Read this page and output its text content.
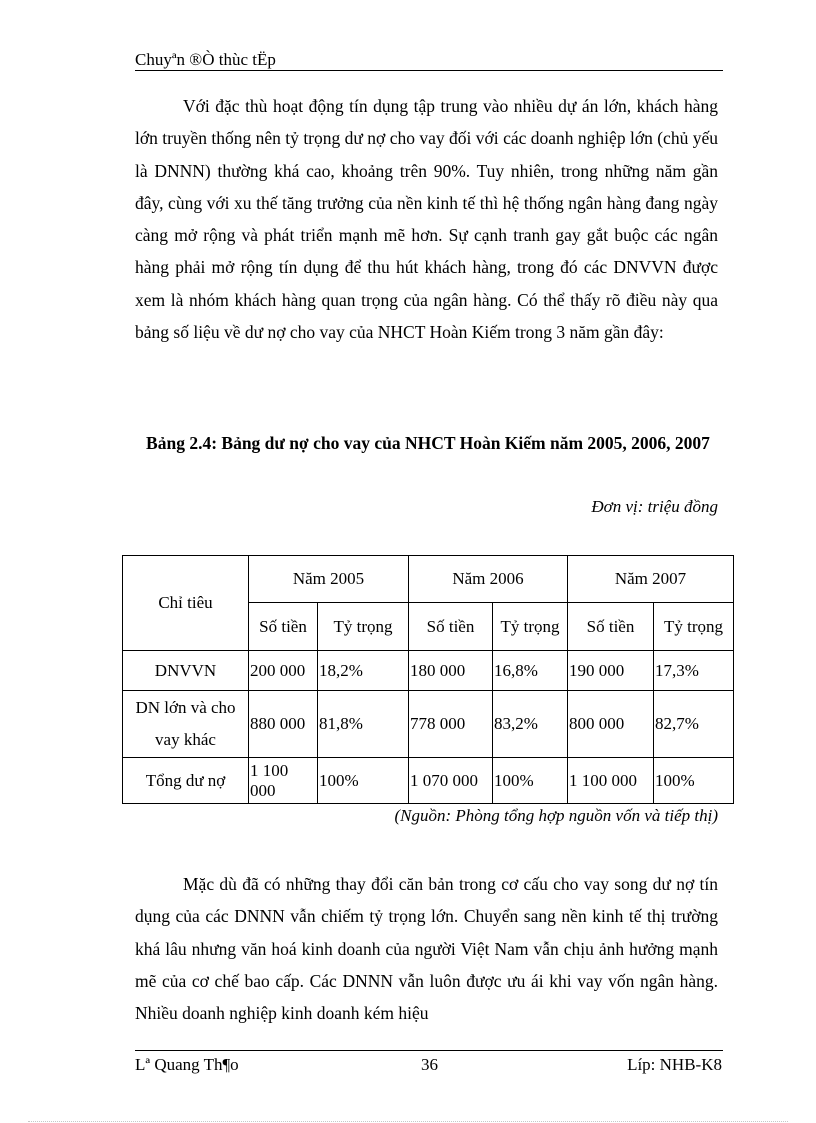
Chuyªn ®Ò thùc tËp
Với đặc thù hoạt động tín dụng tập trung vào nhiều dự án lớn, khách hàng lớn truyền thống nên tỷ trọng dư nợ cho vay đối với các doanh nghiệp lớn (chủ yếu là DNNN) thường khá cao, khoảng trên 90%. Tuy nhiên, trong những năm gần đây, cùng với xu thế tăng trưởng của nền kinh tế thì hệ thống ngân hàng đang ngày càng mở rộng và phát triển mạnh mẽ hơn. Sự cạnh tranh gay gắt buộc các ngân hàng phải mở rộng tín dụng để thu hút khách hàng, trong đó các DNVVN được xem là nhóm khách hàng quan trọng của ngân hàng. Có thể thấy rõ điều này qua bảng số liệu về dư nợ cho vay của NHCT Hoàn Kiếm trong 3 năm gần đây:
Bảng 2.4: Bảng dư nợ cho vay của NHCT Hoàn Kiếm năm 2005, 2006, 2007
Đơn vị: triệu đồng
Chỉ tiêu	Năm 2005		Năm 2006		Năm 2007	
	Số tiền	Tỷ trọng	Số tiền	Tỷ trọng	Số tiền	Tỷ trọng
DNVVN	200 000	18,2%	180 000	16,8%	190 000	17,3%
DN lớn và cho vay khác	880 000	81,8%	778 000	83,2%	800 000	82,7%
Tổng dư nợ	1 100 000	100%	1 070 000	100%	1 100 000	100%
(Nguồn: Phòng tổng hợp nguồn vốn và tiếp thị)
Mặc dù đã có những thay đổi căn bản trong cơ cấu cho vay song dư nợ tín dụng của các DNNN vẫn chiếm tỷ trọng lớn. Chuyển sang nền kinh tế thị trường khá lâu nhưng văn hoá kinh doanh của người Việt Nam vẫn chịu ảnh hưởng mạnh mẽ của cơ chế bao cấp. Các DNNN vẫn luôn được ưu ái khi vay vốn ngân hàng. Nhiều doanh nghiệp kinh doanh kém hiệu
Lª Quang Th¶o	36	Líp: NHB-K8
